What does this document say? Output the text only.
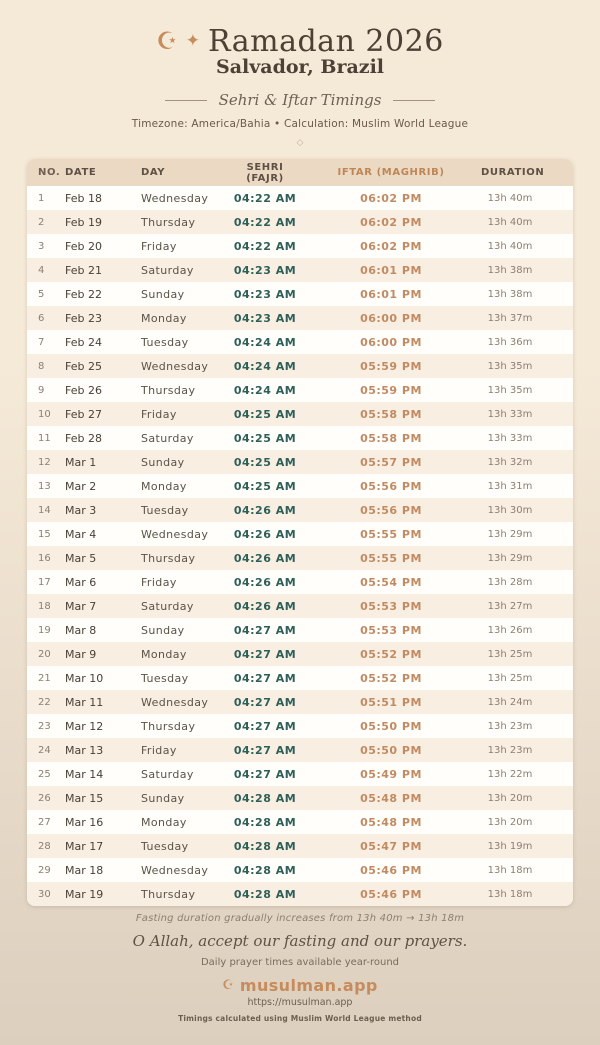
☪ ✦ Ramadan 2026
Salvador, Brazil
Sehri & Iftar Timings
Timezone: America/Bahia • Calculation: Muslim World League
◇
NO.	DATE	DAY	SEHRI (FAJR)	IFTAR (MAGHRIB)	DURATION
1	Feb 18	Wednesday	04:22 AM	06:02 PM	13h 40m
2	Feb 19	Thursday	04:22 AM	06:02 PM	13h 40m
3	Feb 20	Friday	04:22 AM	06:02 PM	13h 40m
4	Feb 21	Saturday	04:23 AM	06:01 PM	13h 38m
5	Feb 22	Sunday	04:23 AM	06:01 PM	13h 38m
6	Feb 23	Monday	04:23 AM	06:00 PM	13h 37m
7	Feb 24	Tuesday	04:24 AM	06:00 PM	13h 36m
8	Feb 25	Wednesday	04:24 AM	05:59 PM	13h 35m
9	Feb 26	Thursday	04:24 AM	05:59 PM	13h 35m
10	Feb 27	Friday	04:25 AM	05:58 PM	13h 33m
11	Feb 28	Saturday	04:25 AM	05:58 PM	13h 33m
12	Mar 1	Sunday	04:25 AM	05:57 PM	13h 32m
13	Mar 2	Monday	04:25 AM	05:56 PM	13h 31m
14	Mar 3	Tuesday	04:26 AM	05:56 PM	13h 30m
15	Mar 4	Wednesday	04:26 AM	05:55 PM	13h 29m
16	Mar 5	Thursday	04:26 AM	05:55 PM	13h 29m
17	Mar 6	Friday	04:26 AM	05:54 PM	13h 28m
18	Mar 7	Saturday	04:26 AM	05:53 PM	13h 27m
19	Mar 8	Sunday	04:27 AM	05:53 PM	13h 26m
20	Mar 9	Monday	04:27 AM	05:52 PM	13h 25m
21	Mar 10	Tuesday	04:27 AM	05:52 PM	13h 25m
22	Mar 11	Wednesday	04:27 AM	05:51 PM	13h 24m
23	Mar 12	Thursday	04:27 AM	05:50 PM	13h 23m
24	Mar 13	Friday	04:27 AM	05:50 PM	13h 23m
25	Mar 14	Saturday	04:27 AM	05:49 PM	13h 22m
26	Mar 15	Sunday	04:28 AM	05:48 PM	13h 20m
27	Mar 16	Monday	04:28 AM	05:48 PM	13h 20m
28	Mar 17	Tuesday	04:28 AM	05:47 PM	13h 19m
29	Mar 18	Wednesday	04:28 AM	05:46 PM	13h 18m
30	Mar 19	Thursday	04:28 AM	05:46 PM	13h 18m
Fasting duration gradually increases from 13h 40m → 13h 18m
O Allah, accept our fasting and our prayers.
Daily prayer times available year-round
☪ musulman.app
https://musulman.app
Timings calculated using Muslim World League method
